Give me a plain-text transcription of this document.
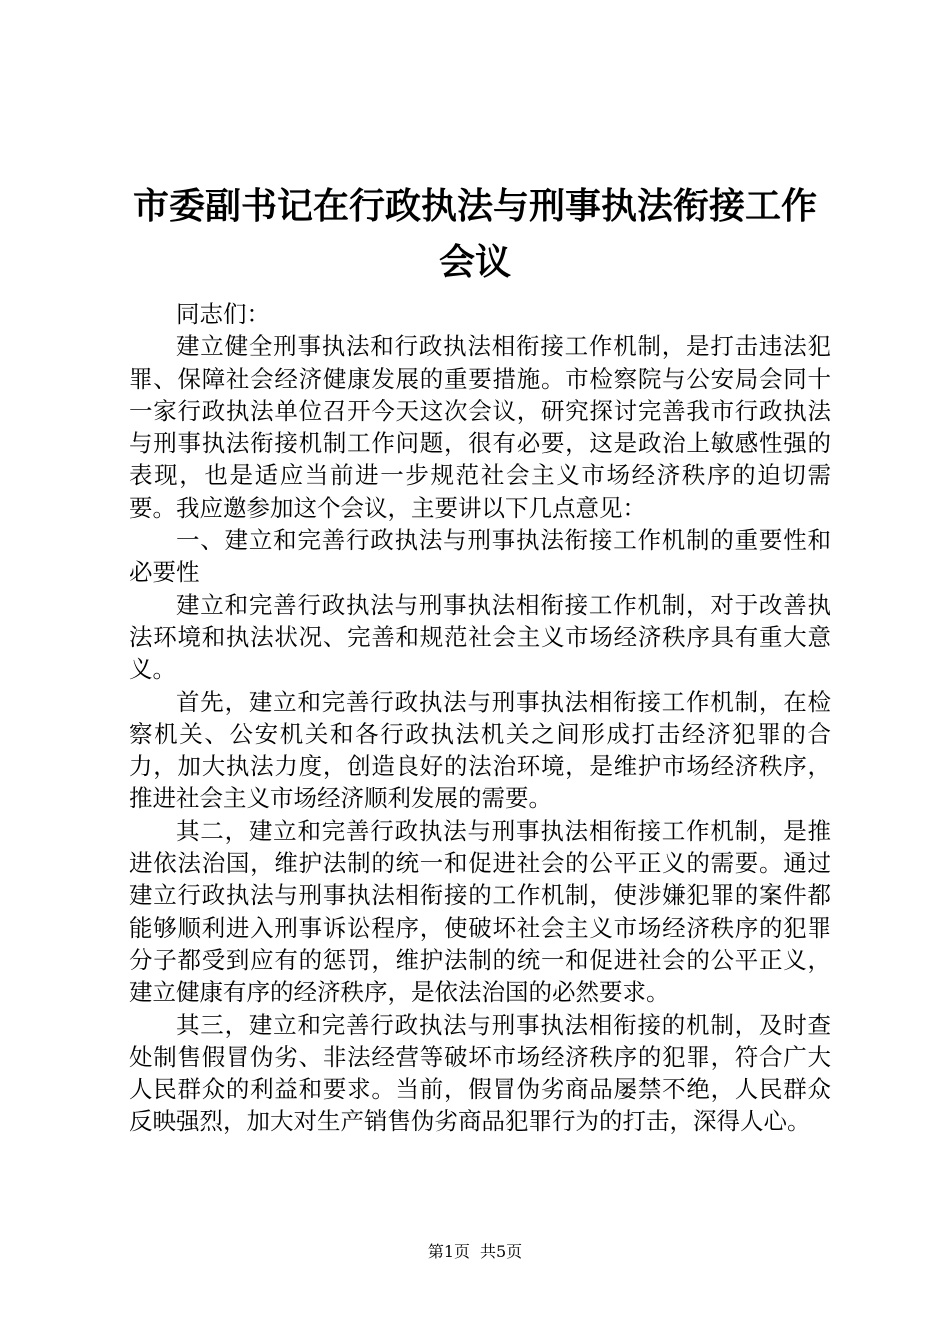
市委副书记在行政执法与刑事执法衔接工作会议

同志们：

建立健全刑事执法和行政执法相衔接工作机制，是打击违法犯罪、保障社会经济健康发展的重要措施。市检察院与公安局会同十一家行政执法单位召开今天这次会议，研究探讨完善我市行政执法与刑事执法衔接机制工作问题，很有必要，这是政治上敏感性强的表现，也是适应当前进一步规范社会主义市场经济秩序的迫切需要。我应邀参加这个会议，主要讲以下几点意见：

一、建立和完善行政执法与刑事执法衔接工作机制的重要性和必要性

建立和完善行政执法与刑事执法相衔接工作机制，对于改善执法环境和执法状况、完善和规范社会主义市场经济秩序具有重大意义。

首先，建立和完善行政执法与刑事执法相衔接工作机制，在检察机关、公安机关和各行政执法机关之间形成打击经济犯罪的合力，加大执法力度，创造良好的法治环境，是维护市场经济秩序，推进社会主义市场经济顺利发展的需要。

其二，建立和完善行政执法与刑事执法相衔接工作机制，是推进依法治国，维护法制的统一和促进社会的公平正义的需要。通过建立行政执法与刑事执法相衔接的工作机制，使涉嫌犯罪的案件都能够顺利进入刑事诉讼程序，使破坏社会主义市场经济秩序的犯罪分子都受到应有的惩罚，维护法制的统一和促进社会的公平正义，建立健康有序的经济秩序，是依法治国的必然要求。

其三，建立和完善行政执法与刑事执法相衔接的机制，及时查处制售假冒伪劣、非法经营等破坏市场经济秩序的犯罪，符合广大人民群众的利益和要求。当前，假冒伪劣商品屡禁不绝，人民群众反映强烈，加大对生产销售伪劣商品犯罪行为的打击，深得人心。

第1页 共5页
